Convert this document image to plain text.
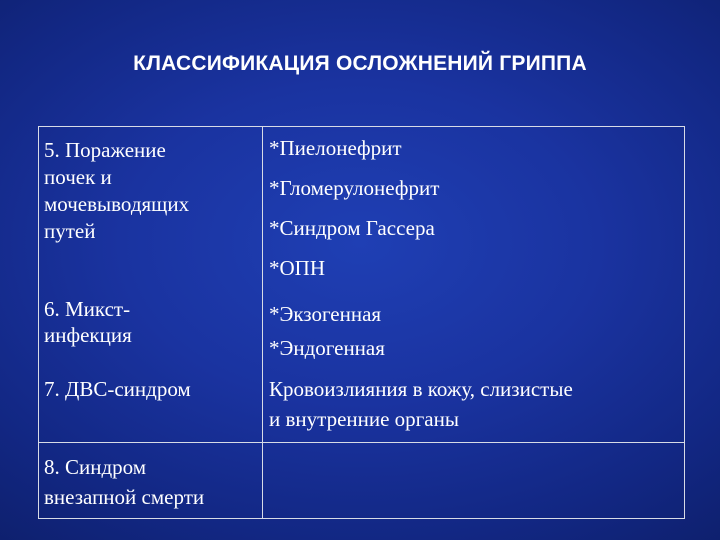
КЛАССИФИКАЦИЯ ОСЛОЖНЕНИЙ ГРИППА
5. Поражение
почек и
мочевыводящих
путей
*Пиелонефрит
*Гломерулонефрит
*Синдром Гассера
*ОПН
6. Микст-
инфекция
*Экзогенная
*Эндогенная
7. ДВС-синдром	Кровоизлияния в кожу, слизистые
и внутренние органы
8. Синдром
внезапной смерти
